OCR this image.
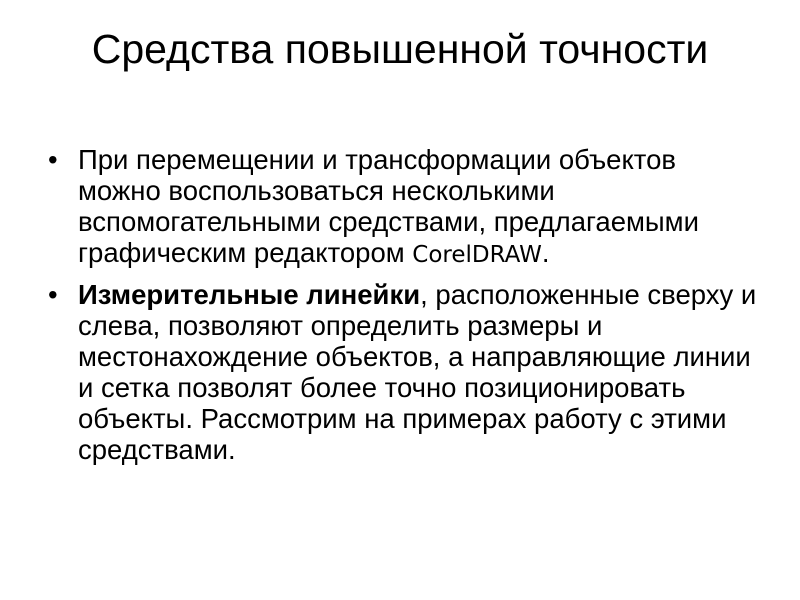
Средства повышенной точности
• При перемещении и трансформации объектов можно воспользоваться несколькими вспомогательными средствами, предлагаемыми графическим редактором CorelDRAW.
• Измерительные линейки, расположенные сверху и слева, позволяют определить размеры и местонахождение объектов, а направляющие линии и сетка позволят более точно позиционировать объекты. Рассмотрим на примерах работу с этими средствами.
